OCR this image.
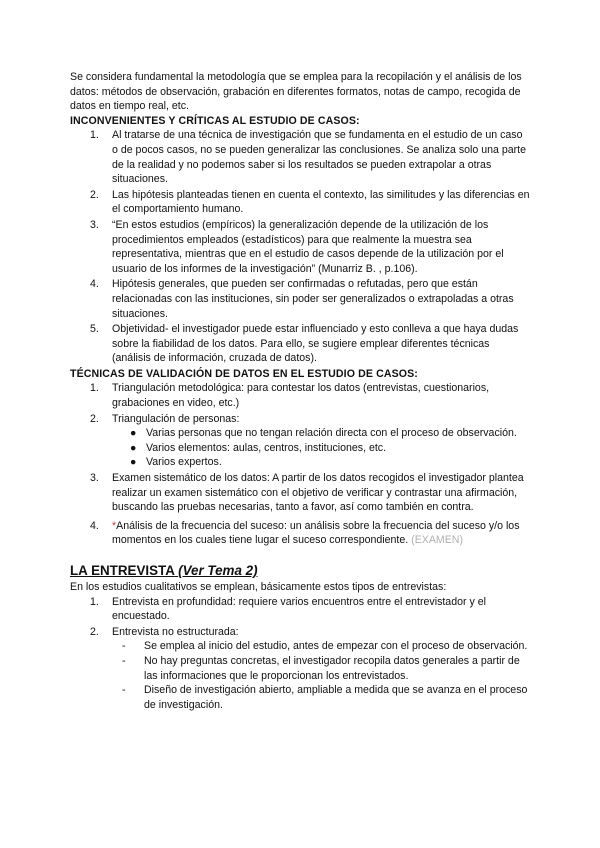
Se considera fundamental la metodología que se emplea para la recopilación y el análisis de los datos: métodos de observación, grabación en diferentes formatos, notas de campo, recogida de datos en tiempo real, etc.

INCONVENIENTES Y CRÍTICAS AL ESTUDIO DE CASOS:

1. Al tratarse de una técnica de investigación que se fundamenta en el estudio de un caso o de pocos casos, no se pueden generalizar las conclusiones. Se analiza solo una parte de la realidad y no podemos saber si los resultados se pueden extrapolar a otras situaciones.
2. Las hipótesis planteadas tienen en cuenta el contexto, las similitudes y las diferencias en el comportamiento humano.
3. “En estos estudios (empíricos) la generalización depende de la utilización de los procedimientos empleados (estadísticos) para que realmente la muestra sea representativa, mientras que en el estudio de casos depende de la utilización por el usuario de los informes de la investigación” (Munarriz B. , p.106).
4. Hipótesis generales, que pueden ser confirmadas o refutadas, pero que están relacionadas con las instituciones, sin poder ser generalizados o extrapoladas a otras situaciones.
5. Objetividad- el investigador puede estar influenciado y esto conlleva a que haya dudas sobre la fiabilidad de los datos. Para ello, se sugiere emplear diferentes técnicas (análisis de información, cruzada de datos).

TÉCNICAS DE VALIDACIÓN DE DATOS EN EL ESTUDIO DE CASOS:

1. Triangulación metodológica: para contestar los datos (entrevistas, cuestionarios, grabaciones en video, etc.)
2. Triangulación de personas:
● Varias personas que no tengan relación directa con el proceso de observación.
● Varios elementos: aulas, centros, instituciones, etc.
● Varios expertos.
3. Examen sistemático de los datos: A partir de los datos recogidos el investigador plantea realizar un examen sistemático con el objetivo de verificar y contrastar una afirmación, buscando las pruebas necesarias, tanto a favor, así como también en contra.
4. *Análisis de la frecuencia del suceso: un análisis sobre la frecuencia del suceso y/o los momentos en los cuales tiene lugar el suceso correspondiente. (EXAMEN)

LA ENTREVISTA (Ver Tema 2)

En los estudios cualitativos se emplean, básicamente estos tipos de entrevistas:

1. Entrevista en profundidad: requiere varios encuentros entre el entrevistador y el encuestado.
2. Entrevista no estructurada:
- Se emplea al inicio del estudio, antes de empezar con el proceso de observación.
- No hay preguntas concretas, el investigador recopila datos generales a partir de las informaciones que le proporcionan los entrevistados.
- Diseño de investigación abierto, ampliable a medida que se avanza en el proceso de investigación.
